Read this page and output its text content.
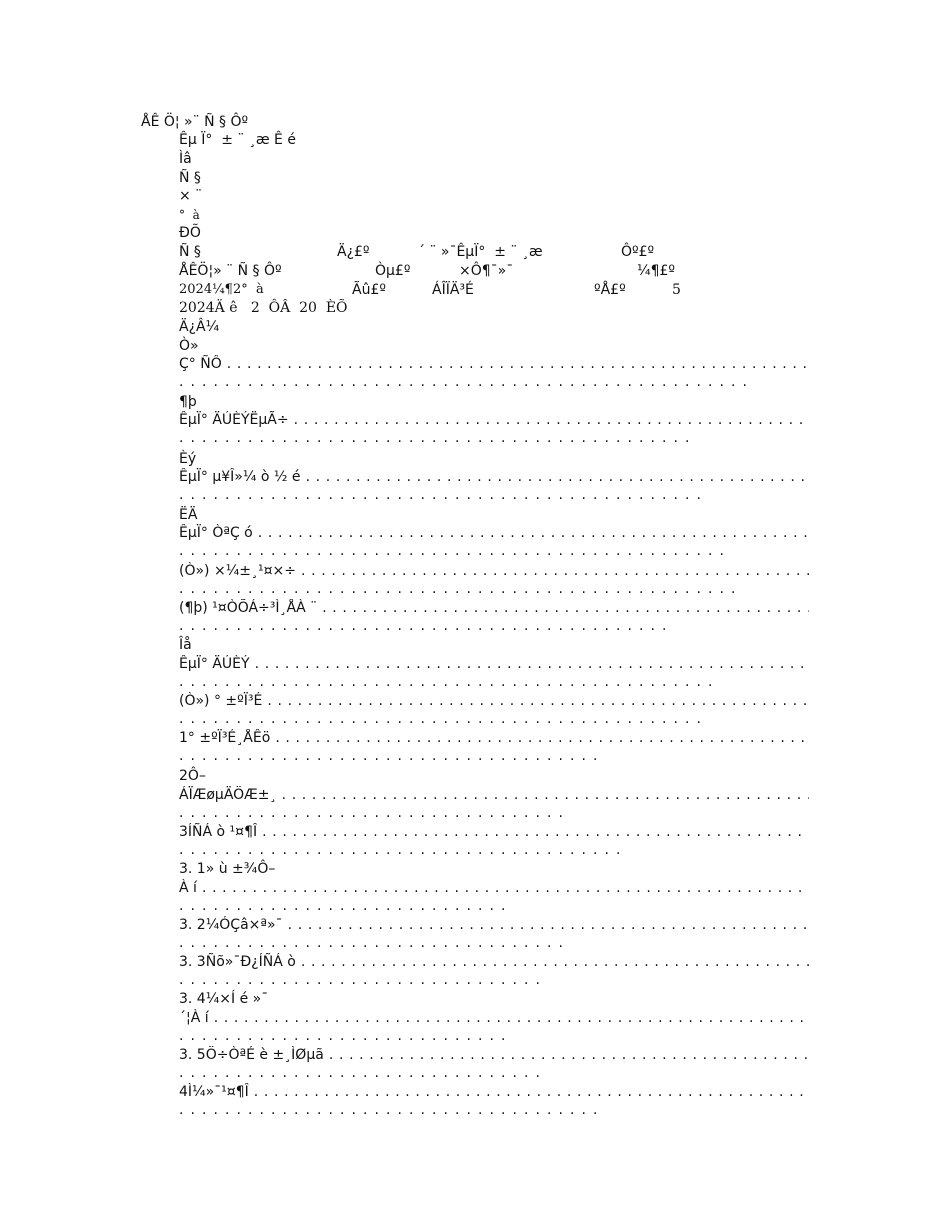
ÅÊ Ö¦ »¨ Ñ § Ôº
Êµ Ï°  ± ¨ ¸æ Ê é
Ìâ
Ñ §
× ¨
°  à
ÐÕ
Ñ §	Ä¿£º	´ ¨ »¯ÊµÏ°  ± ¨ ¸æ	Ôº£º
ÅÊÖ¦» ¨ Ñ § Ôº	Òµ£º	×Ô¶¯»¯	¼¶£º
2024¼¶2°  à	Ãû£º	ÁÎÏÄ³É	ºÅ£º	5
2024Ä ê   2  ÔÂ  20  ÈÕ
Ä¿Â¼
Ò»
Ç° ÑÔ . . .
. . . . . . . . . . . . . . . . . . . . . . . . . . . . . . . . . . . . . . . . . . . . . . . . . .
¶þ
ÊµÏ° ÄÚÈÝËµÃ÷ . . .
. . . . . . . . . . . . . . . . . . . . . . . . . . . . . . . . . . . . . . . . . . . . .
Èý
ÊµÏ° µ¥Î»¼ ò ½ é . . .
. . . . . . . . . . . . . . . . . . . . . . . . . . . . . . . . . . . . . . . . . . . . . .
ËÄ
ÊµÏ° ÒªÇ ó . . .
. . . . . . . . . . . . . . . . . . . . . . . . . . . . . . . . . . . . . . . . . . . . . . . .
(Ò») ×¼±¸¹¤×÷ . . .
. . . . . . . . . . . . . . . . . . . . . . . . . . . . . . . . . . . . . . . . . . . . . . . . .
(¶þ) ¹¤ÒÕÁ÷³Ì¸ÅÀ ¨ . . .
. . . . . . . . . . . . . . . . . . . . . . . . . . . . . . . . . . . . . . . . . . .
Îå
ÊµÏ° ÄÚÈÝ . . .
. . . . . . . . . . . . . . . . . . . . . . . . . . . . . . . . . . . . . . . . . . . . . . .
(Ò») ° ±ºÏ³É . . .
. . . . . . . . . . . . . . . . . . . . . . . . . . . . . . . . . . . . . . . . . . . . . .
1° ±ºÏ³É¸ÅÊö . . .
. . . . . . . . . . . . . . . . . . . . . . . . . . . . . . . . . . . . .
2Ô–
ÁÏÆøµÄÖÆ±¸ . . .
. . . . . . . . . . . . . . . . . . . . . . . . . . . . . . . . . .
3ÍÑÁ ò ¹¤¶Î . . .
. . . . . . . . . . . . . . . . . . . . . . . . . . . . . . . . . . . . . . .
3. 1» ù ±¾Ô–
À í . . .
. . . . . . . . . . . . . . . . . . . . . . . . . . . . .
3. 2¼ÓÇâ×ª»¯ . . .
. . . . . . . . . . . . . . . . . . . . . . . . . . . . . . . . . .
3. 3Ñõ»¯Ð¿ÍÑÁ ò . . .
. . . . . . . . . . . . . . . . . . . . . . . . . . . . . . . .
3. 4¼×Í é »¯
´¦À í . . .
. . . . . . . . . . . . . . . . . . . . . . . . . . . . .
3. 5Ö÷ÒªÉ è ±¸ÌØµã . . .
. . . . . . . . . . . . . . . . . . . . . . . . . . . . . . . .
4Ì¼»¯¹¤¶Î . . .
. . . . . . . . . . . . . . . . . . . . . . . . . . . . . . . . . . . . .
